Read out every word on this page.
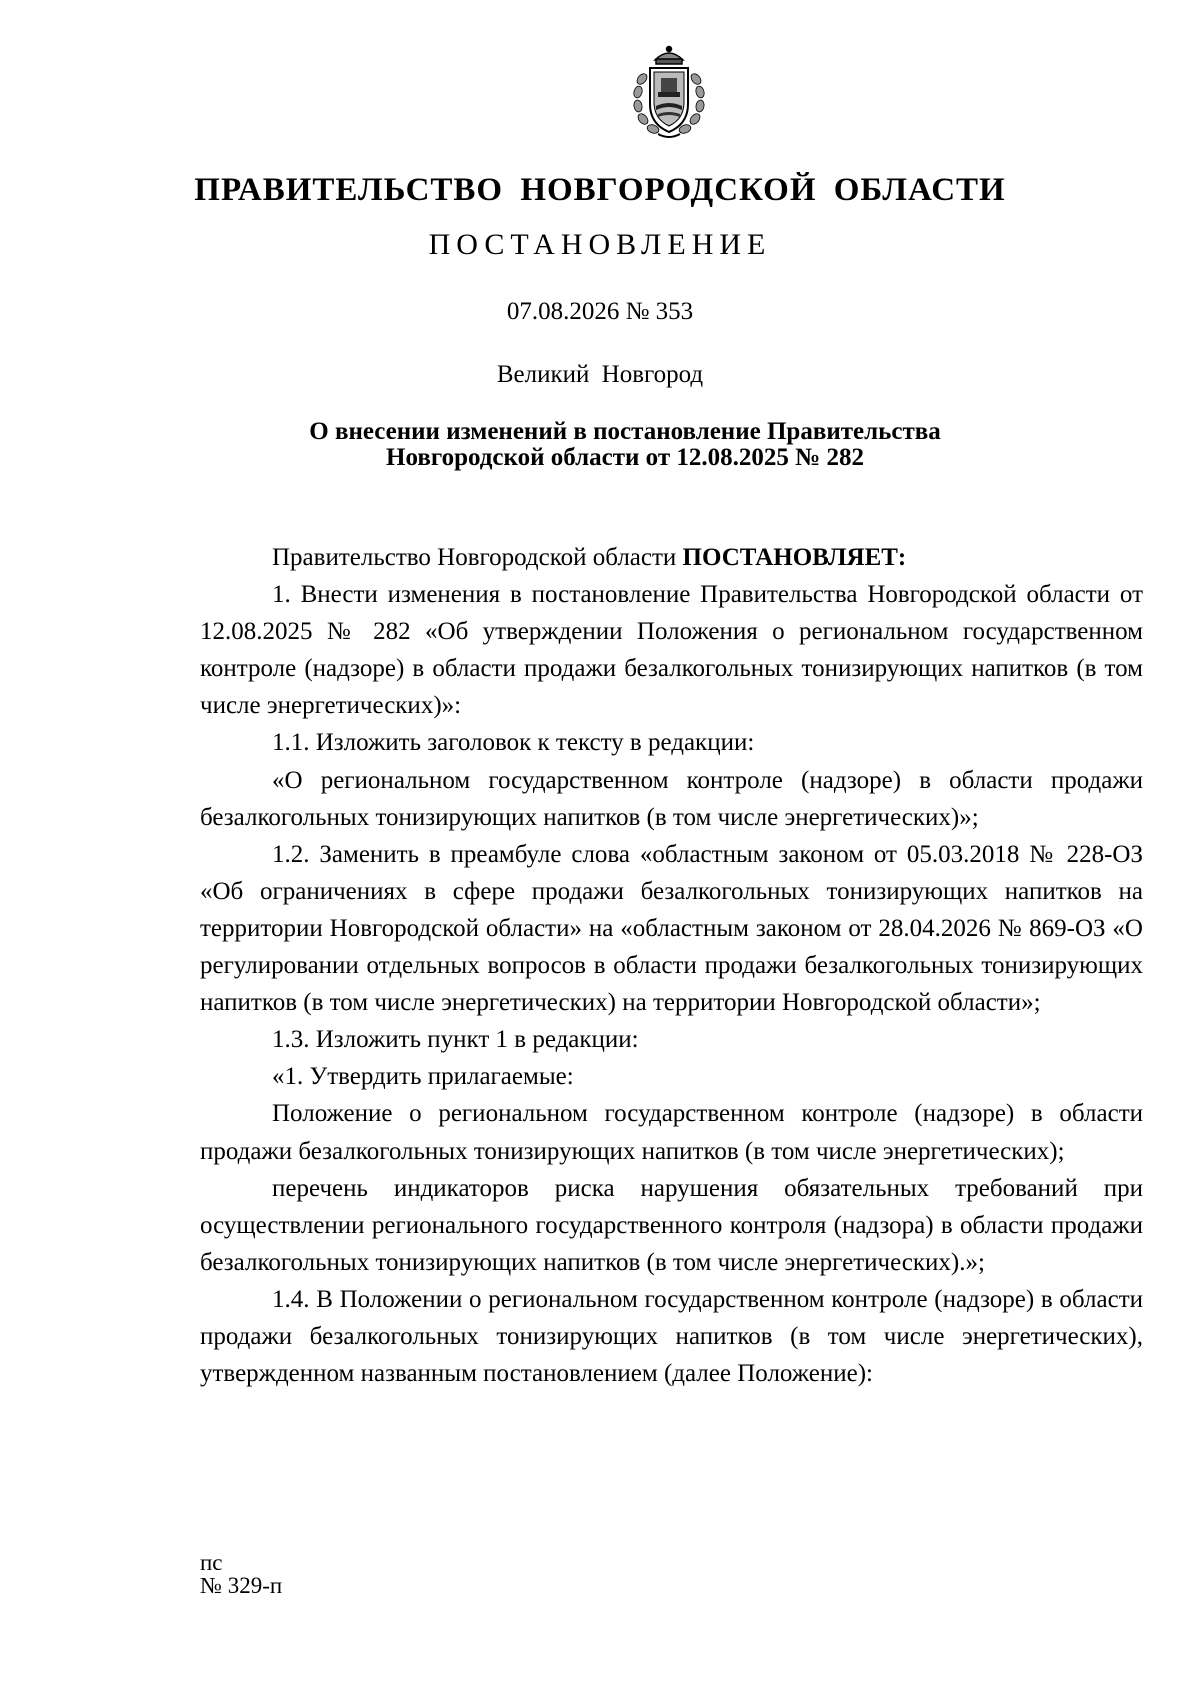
ПРАВИТЕЛЬСТВО НОВГОРОДСКОЙ ОБЛАСТИ
ПОСТАНОВЛЕНИЕ
07.08.2026 № 353
Великий Новгород
О внесении изменений в постановление Правительства
Новгородской области от 12.08.2025 № 282

Правительство Новгородской области ПОСТАНОВЛЯЕТ:

1. Внести изменения в постановление Правительства Новгородской области от 12.08.2025 № 282 «Об утверждении Положения о региональном государственном контроле (надзоре) в области продажи безалкогольных тонизирующих напитков (в том числе энергетических)»:

1.1. Изложить заголовок к тексту в редакции:

«О региональном государственном контроле (надзоре) в области продажи безалкогольных тонизирующих напитков (в том числе энергетических)»;

1.2. Заменить в преамбуле слова «областным законом от 05.03.2018 № 228-ОЗ «Об ограничениях в сфере продажи безалкогольных тонизирующих напитков на территории Новгородской области» на «областным законом от 28.04.2026 № 869-ОЗ «О регулировании отдельных вопросов в области продажи безалкогольных тонизирующих напитков (в том числе энергетических) на территории Новгородской области»;

1.3. Изложить пункт 1 в редакции:

«1. Утвердить прилагаемые:

Положение о региональном государственном контроле (надзоре) в области продажи безалкогольных тонизирующих напитков (в том числе энергетических);

перечень индикаторов риска нарушения обязательных требований при осуществлении регионального государственного контроля (надзора) в области продажи безалкогольных тонизирующих напитков (в том числе энергетических).»;

1.4. В Положении о региональном государственном контроле (надзоре) в области продажи безалкогольных тонизирующих напитков (в том числе энергетических), утвержденном названным постановлением (далее Положение):

пс
№ 329-п
